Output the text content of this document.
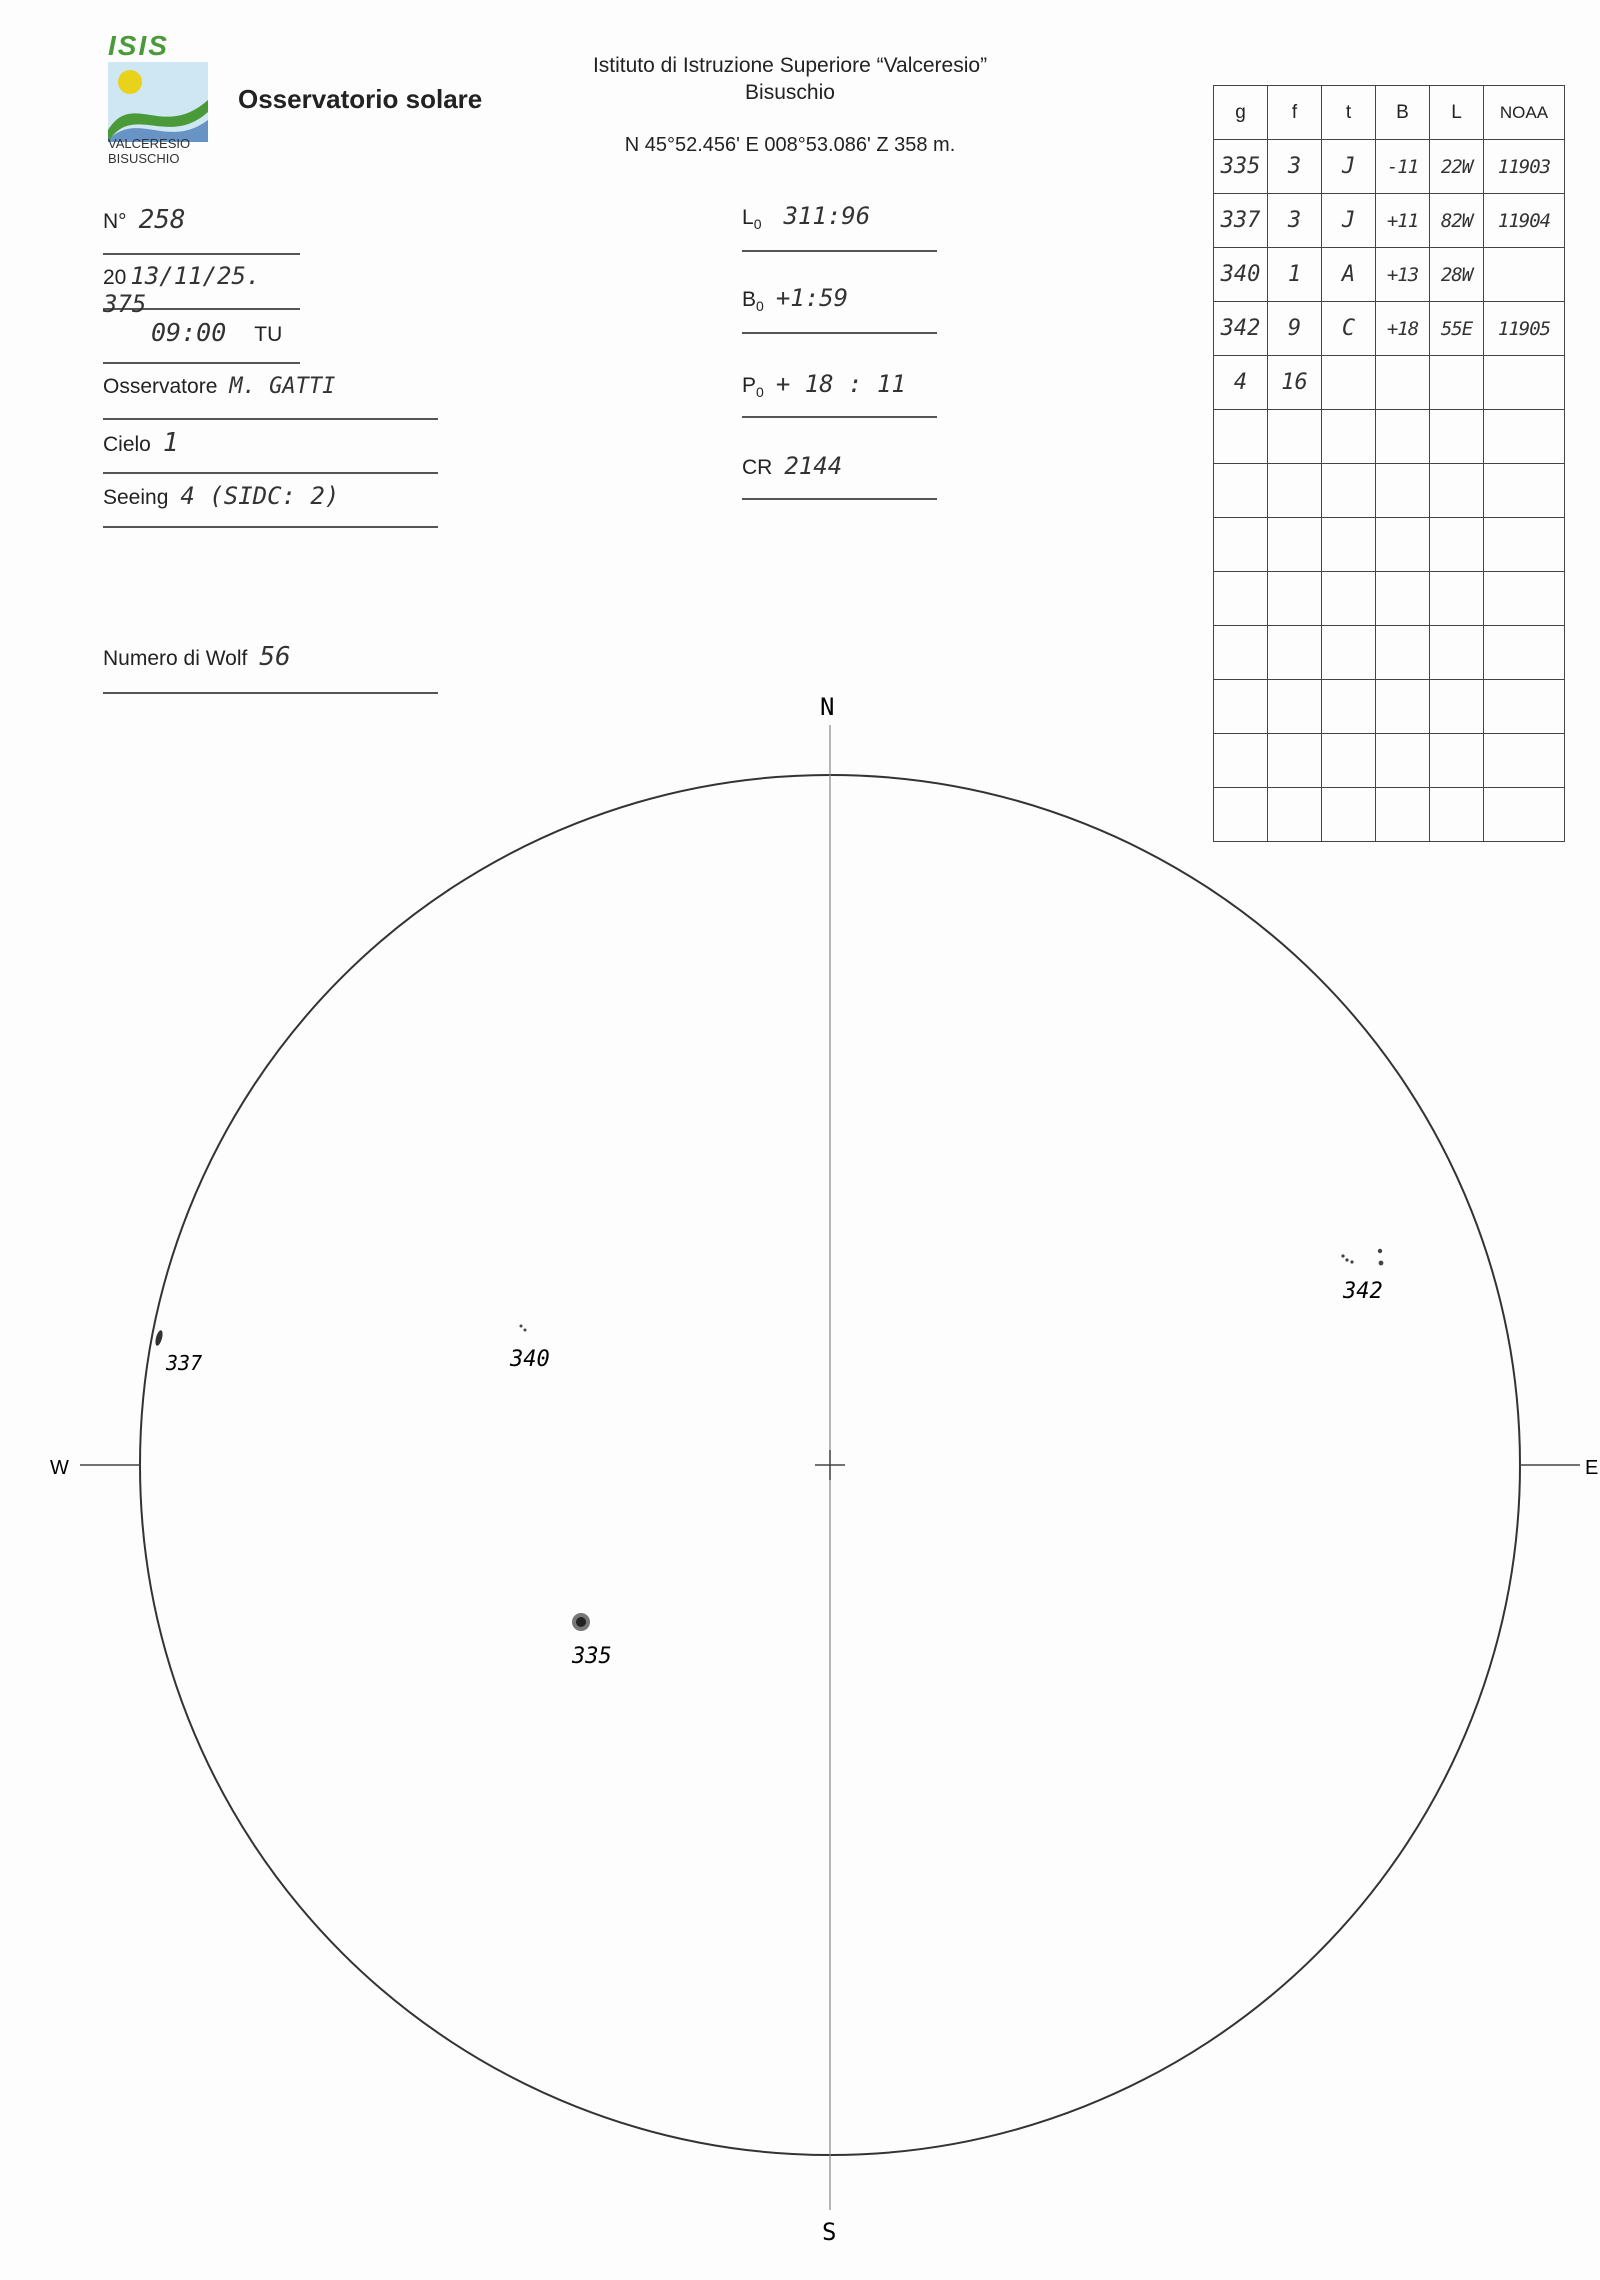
N
S
W	E
337	340
342
335
ISIS
VALCERESIO
BISUSCHIO
Osservatorio solare
Istituto di Istruzione Superiore “Valceresio”
Bisuschio
N 45°52.456' E 008°53.086' Z 358 m.
N° 258
20 13/11/25. 375
09:00 TU
Osservatore M. GATTI
Cielo 1
Seeing 4 (SIDC: 2)
Numero di Wolf 56
$L_0$ 311:96
$B_0$ +1:59
$P_0 + 18$ : 11
CR 2144
g	f	t	B	L	NOAA
335	3	J	-11	22W	11903
337	3	J	+11	82W	11904
340	1	A	+13	28W	
342	9	C	+18	55E	11905
4	16				
